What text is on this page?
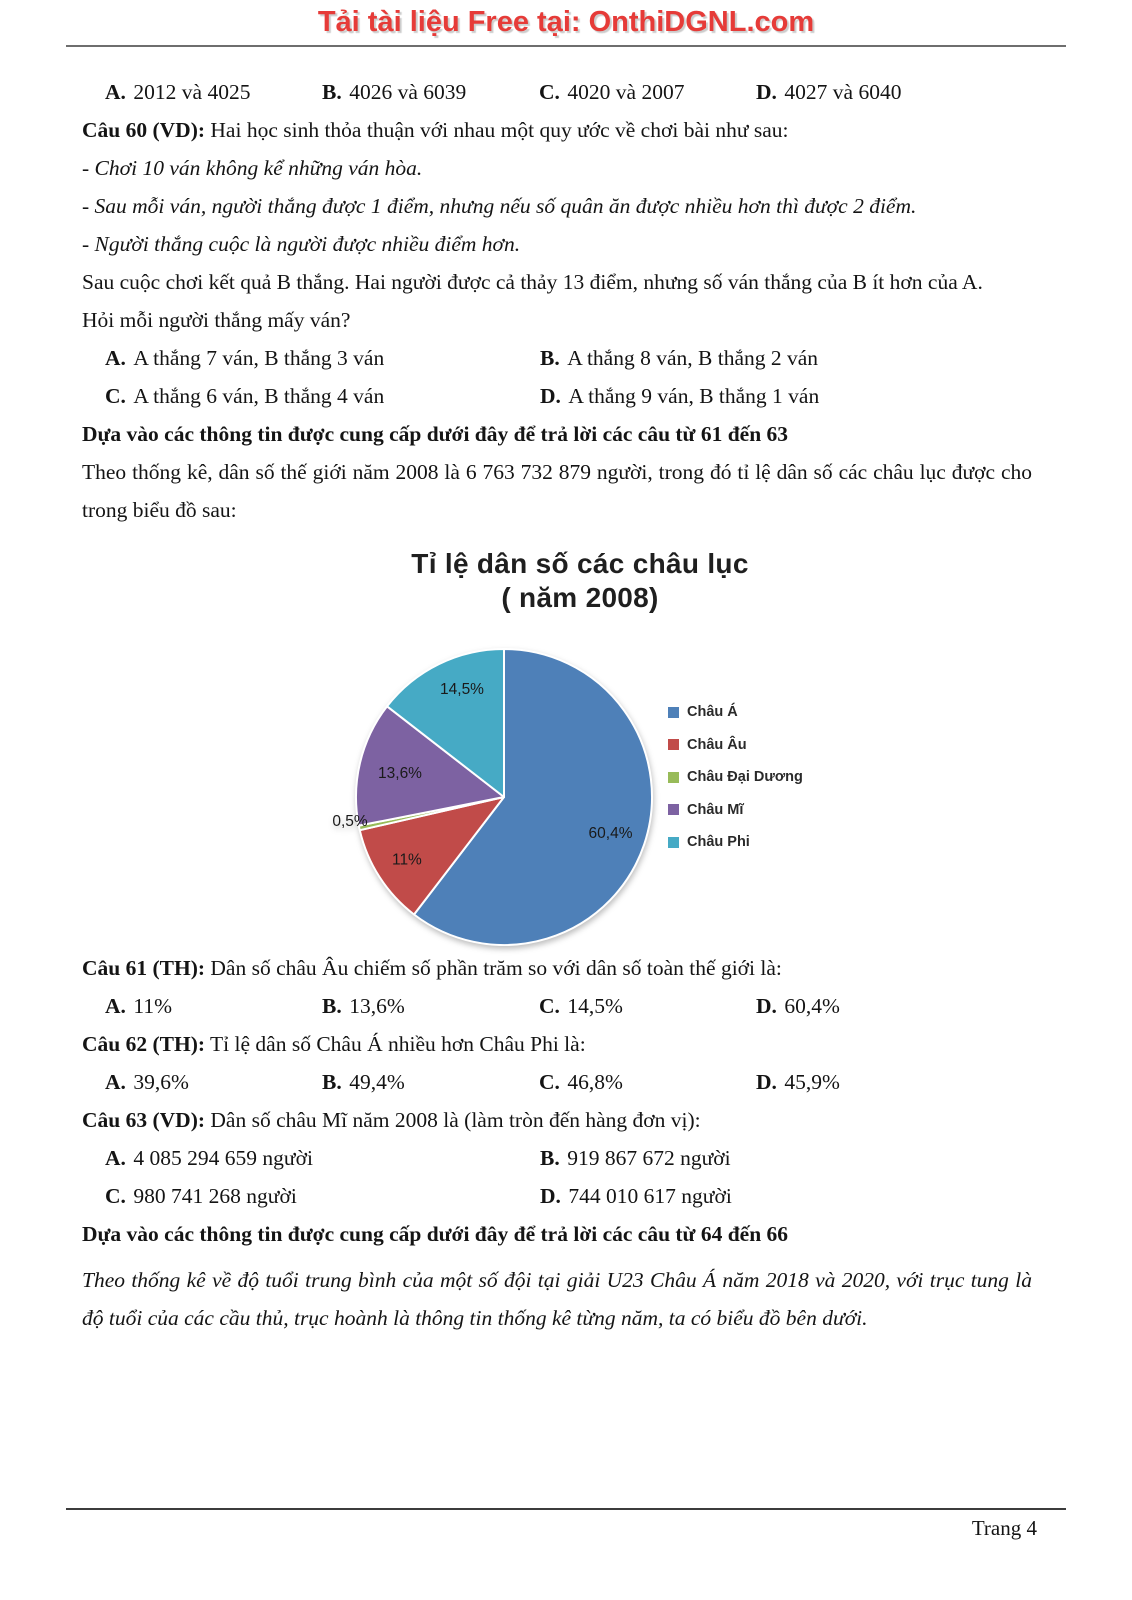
Tải tài liệu Free tại: OnthiDGNL.com
A. 2012 và 4025	B. 4026 và 6039	C. 4020 và 2007	D. 4027 và 6040

Câu 60 (VD): Hai học sinh thỏa thuận với nhau một quy ước về chơi bài như sau:

- Chơi 10 ván không kể những ván hòa.

- Sau mỗi ván, người thắng được 1 điểm, nhưng nếu số quân ăn được nhiều hơn thì được 2 điểm.

- Người thắng cuộc là người được nhiều điểm hơn.

Sau cuộc chơi kết quả B thắng. Hai người được cả thảy 13 điểm, nhưng số ván thắng của B ít hơn của A.

Hỏi mỗi người thắng mấy ván?

A. A thắng 7 ván, B thắng 3 ván	B. A thắng 8 ván, B thắng 2 ván
C. A thắng 6 ván, B thắng 4 ván	D. A thắng 9 ván, B thắng 1 ván

Dựa vào các thông tin được cung cấp dưới đây để trả lời các câu từ 61 đến 63

Theo thống kê, dân số thế giới năm 2008 là 6 763 732 879 người, trong đó tỉ lệ dân số các châu lục được cho trong biểu đồ sau:

Tỉ lệ dân số các châu lục
( năm 2008)
60,4%
11%
0,5%
13,6%
14,5%
Châu Á
Châu Âu
Châu Đại Dương
Châu Mĩ
Châu Phi

Câu 61 (TH): Dân số châu Âu chiếm số phần trăm so với dân số toàn thế giới là:

A. 11%	B. 13,6%	C. 14,5%	D. 60,4%

Câu 62 (TH): Tỉ lệ dân số Châu Á nhiều hơn Châu Phi là:

A. 39,6%	B. 49,4%	C. 46,8%	D. 45,9%

Câu 63 (VD): Dân số châu Mĩ năm 2008 là (làm tròn đến hàng đơn vị):

A. 4 085 294 659 người	B. 919 867 672 người
C. 980 741 268 người	D. 744 010 617 người

Dựa vào các thông tin được cung cấp dưới đây để trả lời các câu từ 64 đến 66

Theo thống kê về độ tuổi trung bình của một số đội tại giải U23 Châu Á năm 2018 và 2020, với trục tung là độ tuổi của các cầu thủ, trục hoành là thông tin thống kê từng năm, ta có biểu đồ bên dưới.

Trang 4
